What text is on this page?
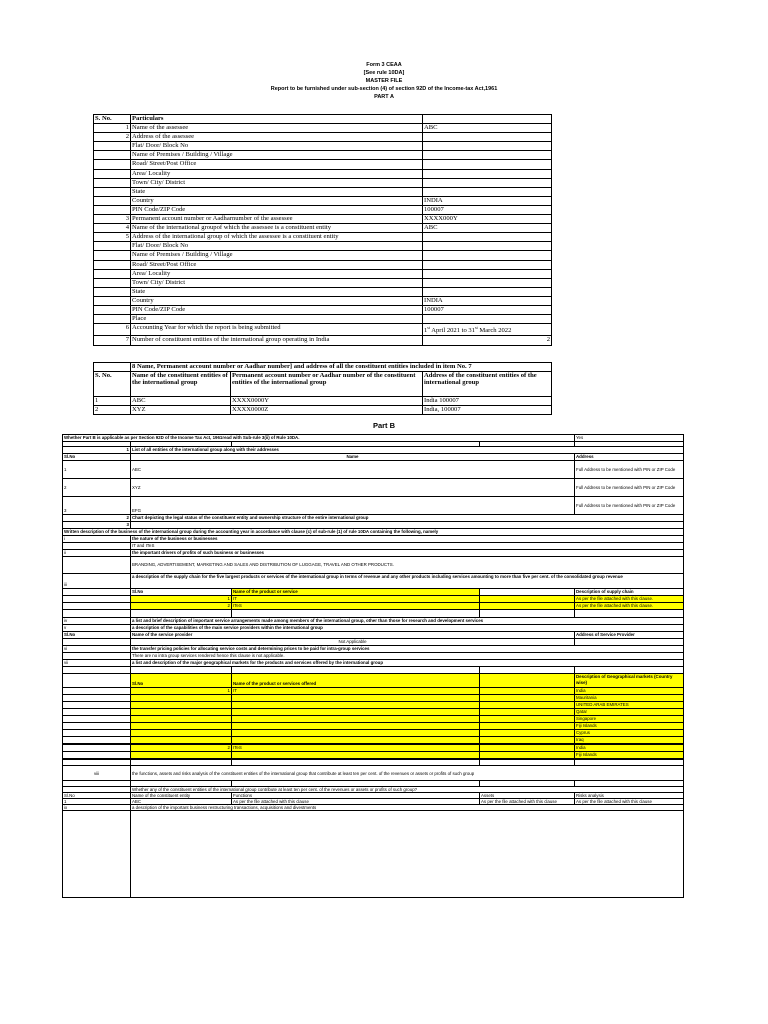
Form 3 CEAA
[See rule 10DA]
MASTER FILE
Report to be furnished under sub-section (4) of section 92D of the Income-tax Act,1961
PART A
S. No.	Particulars	
1	Name of the assessee	ABC
2	Address of the assessee	
	Flat/ Door/ Block No	
	Name of Premises / Building / Village	
	Road/ Street/Post Office	
	Area/ Locality	
	Town/ City/ District	
	State	
	Country	INDIA
	PIN Code/ZIP Code	100007
3	Permanent account number or Aadharnumber of the assessee	XXXX000Y
4	Name of the international groupof which the assessee is a constituent entity	ABC
5	Address of the international group of which the assessee is a constituent entity	
	Flat/ Door/ Block No	
	Name of Premises / Building / Village	
	Road/ Street/Post Office	
	Area/ Locality	
	Town/ City/ District	
	State	
	Country	INDIA
	PIN Code/ZIP Code	100007
	Place	
6	Accounting Year for which the report is being submitted	1st April 2021 to 31st March 2022
7	Number of constituent entities of the international group operating in India	2
	8 Name, Permanent account number or Aadhar number] and address of all the constituent entities included in item No. 7		
S. No.	Name of the constituent entities of the international group	Permanent account number or Aadhar number of the constituent entities of the international group	Address of the constituent entities of the international group
1	ABC	XXXX0000Y	India 100007
2	XYZ	XXXX0000Z	India, 100007
Part B
Whether Part B is applicable as per Section 92D of the Income Tax Act, 1961read with Sub-rule 3(ii) of Rule 10DA.				Yes

1	List of all entities of the international group along with their addresses			
Sl.No	Name			Address
1	ABC			Full Address to be mentioned with PIN or ZIP Code
2	XYZ			Full Address to be mentioned with PIN or ZIP Code
3	EFG			Full Address to be mentioned with PIN or ZIP Code
2	Chart depicting the legal status of the constituent entity and ownership structure of the entire international group			
3				
Written description of the business of the international group during the accounting year in accordance with clause (c) of sub-rule (1) of rule 10DA containing the following, namely				
i	the nature of the business or businesses			
	IT and ITeS			
ii	the important drivers of profits of such business or businesses			
	BRANDING, ADVERTISEMENT, MARKETING AND SALES AND DISTRIBUTION OF LUGGAGE, TRAVEL AND OTHER PRODUCTS.			
iii	a description of the supply chain for the five largest products or services of the international group in terms of revenue and any other products including services amounting to more than five per cent. of the consolidated group revenue			
	Sl.No	Name of the product or service		Description of supply chain
	1	IT		As per the file attached with this clause.
	2	ITeS		As per the file attached with this clause.

iv	a list and brief description of important service arrangements made among members of the international group, other than those for research and development services			
v	a description of the capabilities of the main service providers within the international group			
Sl.No	Name of the service provider			Address of Service Provider
	Not Applicable			
vi	the transfer pricing policies for allocating service costs and determining prices to be paid for intra-group services			
	There are no intra group services rendered hence this clause is not applicable.			
vii	a list and description of the major geographical markets for the products and services offered by the international group			

	Sl.No	Name of the product or services offered		Description of Geographical markets (Country wise)
	1	IT		India
				Mauritania
				UNITED ARAB EMIRATES
				Qatar
				Singapore
				Fiji Islands
				Cyprus
				Iraq

	2	ITeS		India
				Fiji Islands

viii	the functions, assets and risks analysis of the constituent entities of the international group that contribute at least ten per cent. of the revenues or assets or profits of such group			

	Whether any of the constituent entities of the international group contribute at least ten per cent. of the revenues or assets or profits of such group?			
Sl.No	Name of the constituent entity	Functions	Assets	Risks analysis
1	ABC	As per the file attached with this clause	As per the file attached with this clause	As per the file attached with this clause
ix	a description of the important business restructuring transactions, acquisitions and divestments			
